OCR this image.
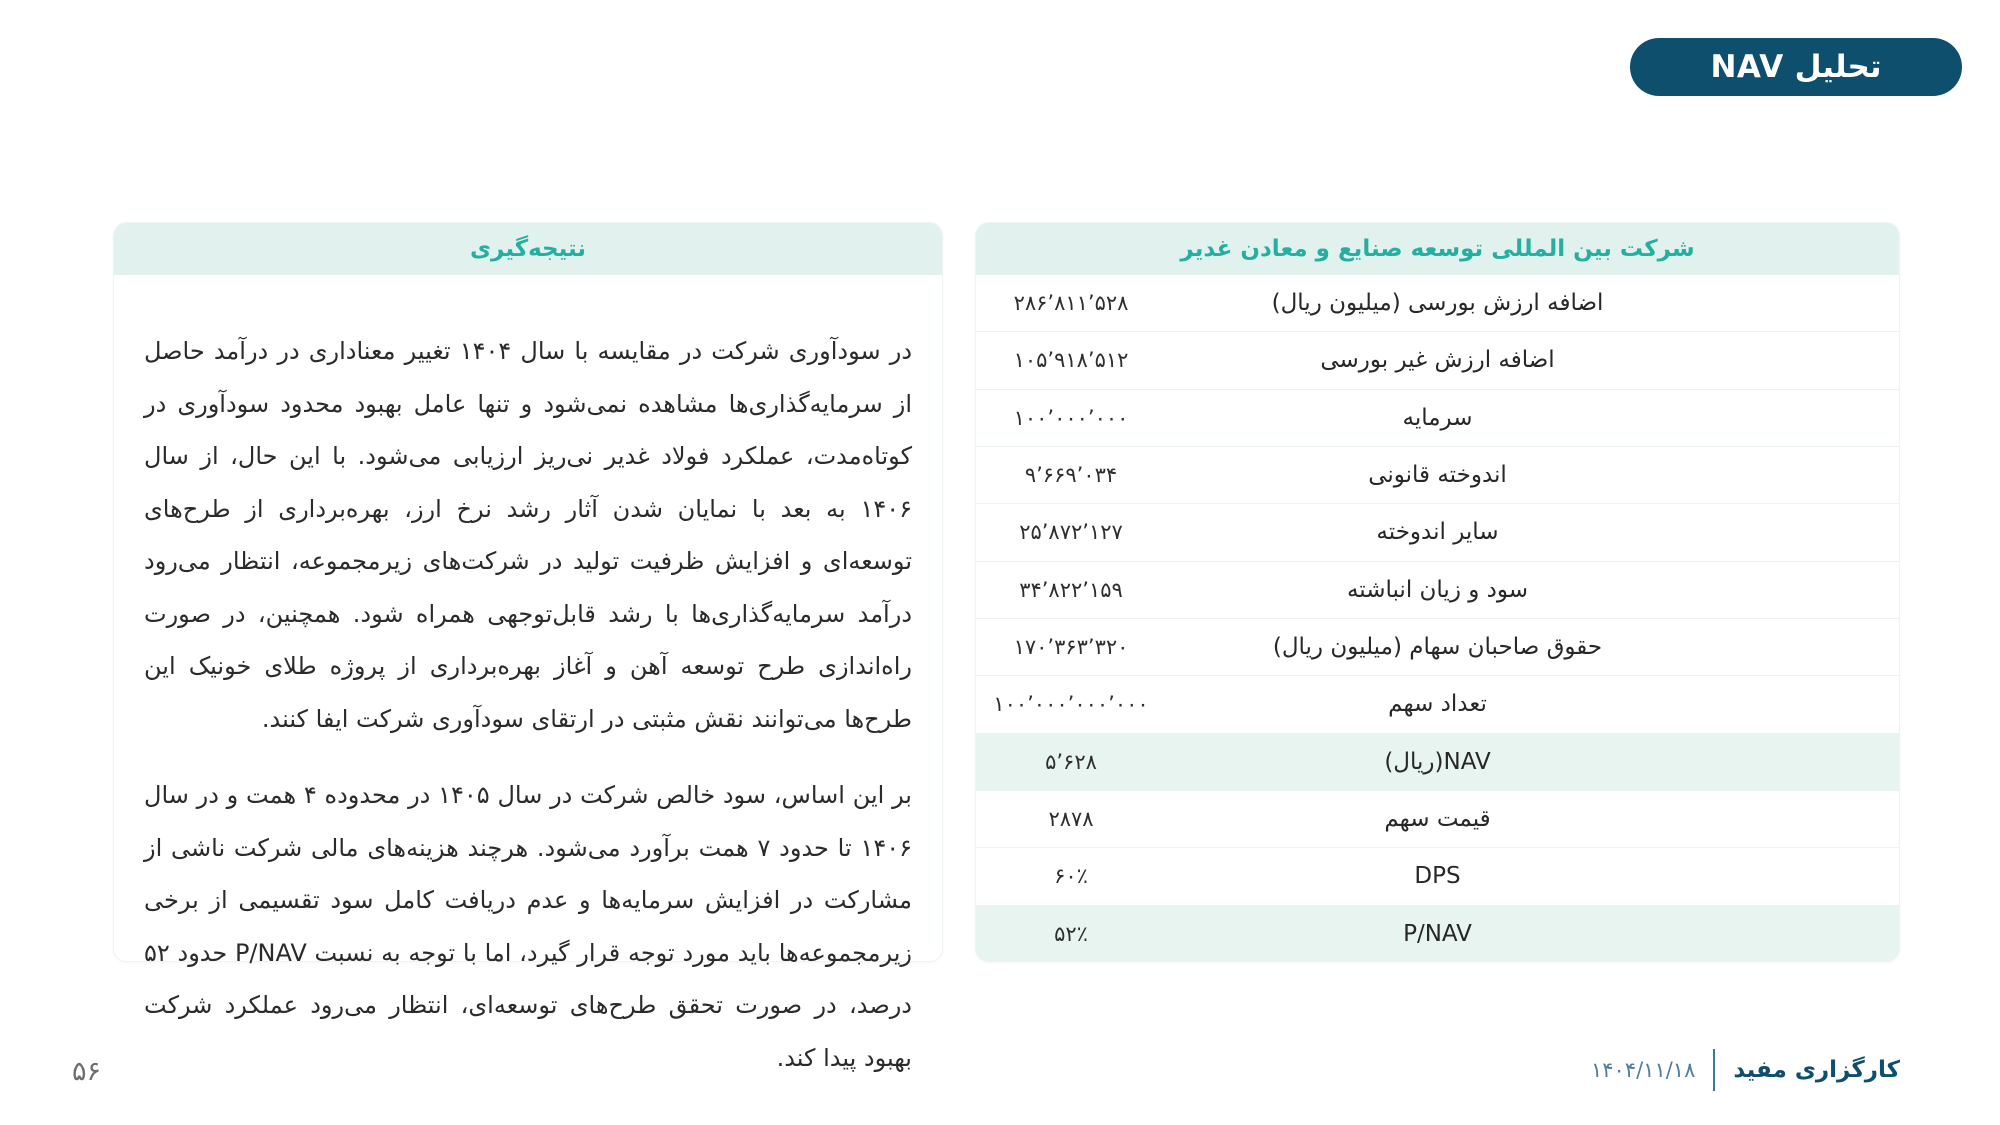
تحلیل NAV
شرکت بین المللی توسعه صنایع و معادن غدیر
اضافه ارزش بورسی (میلیون ریال)
۲۸۶’۸۱۱’۵۲۸
اضافه ارزش غیر بورسی
۱۰۵’۹۱۸’۵۱۲
سرمایه
۱۰۰’۰۰۰’۰۰۰
اندوخته قانونی
۹’۶۶۹’۰۳۴
سایر اندوخته
۲۵’۸۷۲’۱۲۷
سود و زیان انباشته
۳۴’۸۲۲’۱۵۹
حقوق صاحبان سهام (میلیون ریال)
۱۷۰’۳۶۳’۳۲۰
تعداد سهم
۱۰۰’۰۰۰’۰۰۰’۰۰۰
NAV(ریال)
۵’۶۲۸
قیمت سهم
۲۸۷۸
DPS
۶۰٪
P/NAV
۵۲٪
نتیجه‌گیری
در سودآوری شرکت در مقایسه با سال ۱۴۰۴ تغییر معناداری در درآمد حاصل از سرمایه‌گذاری‌ها مشاهده نمی‌شود و تنها عامل بهبود محدود سودآوری در کوتاه‌مدت، عملکرد فولاد غدیر نی‌ریز ارزیابی می‌شود. با این حال، از سال ۱۴۰۶ به بعد با نمایان شدن آثار رشد نرخ ارز، بهره‌برداری از طرح‌های توسعه‌ای و افزایش ظرفیت تولید در شرکت‌های زیرمجموعه، انتظار می‌رود درآمد سرمایه‌گذاری‌ها با رشد قابل‌توجهی همراه شود. همچنین، در صورت راه‌اندازی طرح توسعه آهن و آغاز بهره‌برداری از پروژه طلای خونیک این طرح‌ها می‌توانند نقش مثبتی در ارتقای سودآوری شرکت ایفا کنند.
بر این اساس، سود خالص شرکت در سال ۱۴۰۵ در محدوده ۴ همت و در سال ۱۴۰۶ تا حدود ۷ همت برآورد می‌شود. هرچند هزینه‌های مالی شرکت ناشی از مشارکت در افزایش سرمایه‌ها و عدم دریافت کامل سود تقسیمی از برخی زیرمجموعه‌ها باید مورد توجه قرار گیرد، اما با توجه به نسبت P/NAV حدود ۵۲ درصد، در صورت تحقق طرح‌های توسعه‌ای، انتظار می‌رود عملکرد شرکت بهبود پیدا کند.	کارگزاری مفید
۱۴۰۴/۱۱/۱۸
۵۶
